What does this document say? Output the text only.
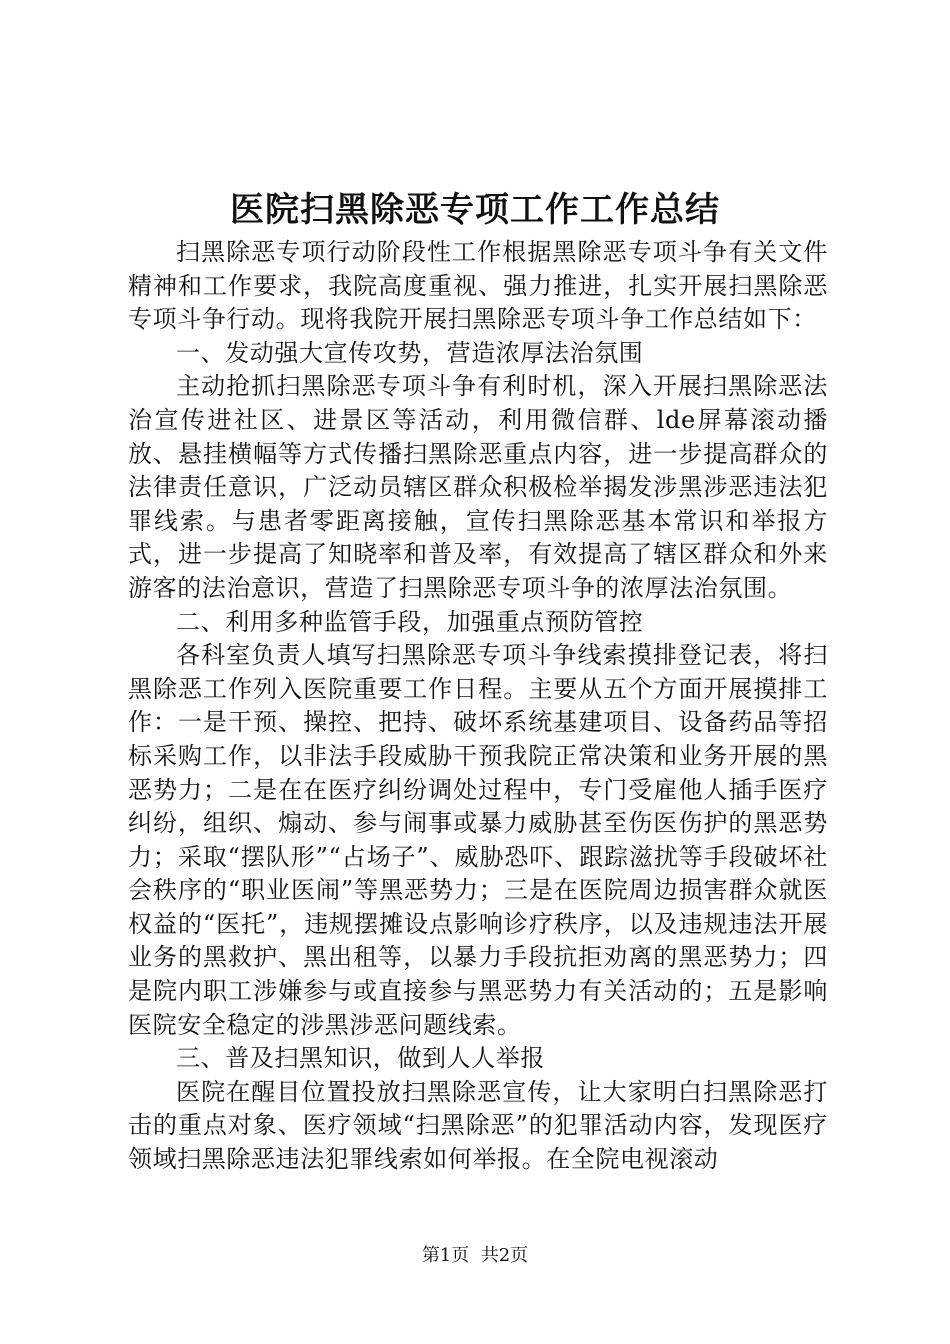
医院扫黑除恶专项工作工作总结

扫黑除恶专项行动阶段性工作根据黑除恶专项斗争有关文件精神和工作要求，我院高度重视、强力推进，扎实开展扫黑除恶专项斗争行动。现将我院开展扫黑除恶专项斗争工作总结如下：

一、发动强大宣传攻势，营造浓厚法治氛围

主动抢抓扫黑除恶专项斗争有利时机，深入开展扫黑除恶法治宣传进社区、进景区等活动，利用微信群、lde屏幕滚动播放、悬挂横幅等方式传播扫黑除恶重点内容，进一步提高群众的法律责任意识，广泛动员辖区群众积极检举揭发涉黑涉恶违法犯罪线索。与患者零距离接触，宣传扫黑除恶基本常识和举报方式，进一步提高了知晓率和普及率，有效提高了辖区群众和外来游客的法治意识，营造了扫黑除恶专项斗争的浓厚法治氛围。

二、利用多种监管手段，加强重点预防管控

各科室负责人填写扫黑除恶专项斗争线索摸排登记表，将扫黑除恶工作列入医院重要工作日程。主要从五个方面开展摸排工作：一是干预、操控、把持、破坏系统基建项目、设备药品等招标采购工作，以非法手段威胁干预我院正常决策和业务开展的黑恶势力；二是在在医疗纠纷调处过程中，专门受雇他人插手医疗纠纷，组织、煽动、参与闹事或暴力威胁甚至伤医伤护的黑恶势力；采取“摆队形”“占场子”、威胁恐吓、跟踪滋扰等手段破坏社会秩序的“职业医闹”等黑恶势力；三是在医院周边损害群众就医权益的“医托”，违规摆摊设点影响诊疗秩序，以及违规违法开展业务的黑救护、黑出租等，以暴力手段抗拒劝离的黑恶势力；四是院内职工涉嫌参与或直接参与黑恶势力有关活动的；五是影响医院安全稳定的涉黑涉恶问题线索。

三、普及扫黑知识，做到人人举报

医院在醒目位置投放扫黑除恶宣传，让大家明白扫黑除恶打击的重点对象、医疗领域“扫黑除恶”的犯罪活动内容，发现医疗领域扫黑除恶违法犯罪线索如何举报。在全院电视滚动

第1页  共2页
